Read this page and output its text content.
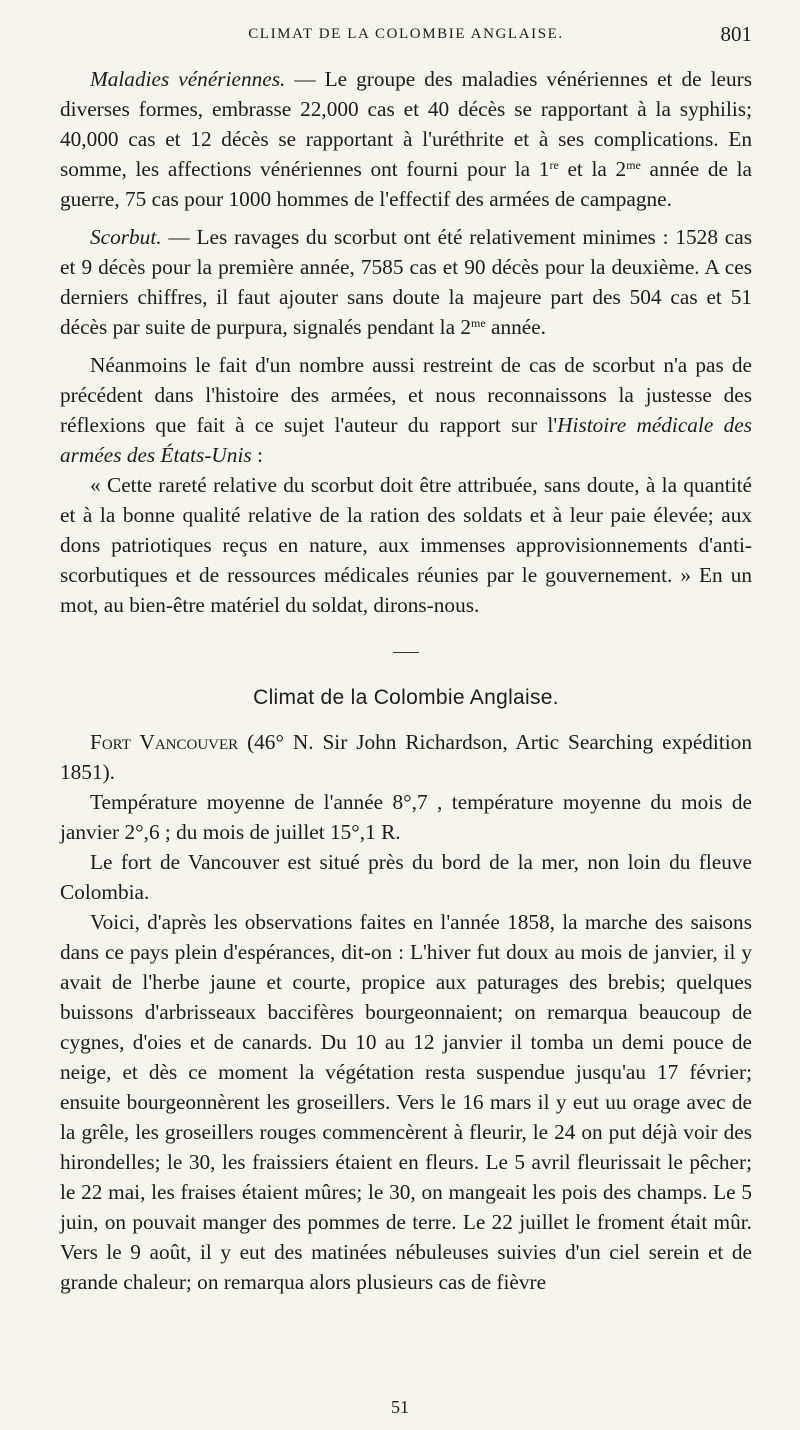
CLIMAT DE LA COLOMBIE ANGLAISE.	801

Maladies vénériennes. — Le groupe des maladies vénériennes et de leurs diverses formes, embrasse 22,000 cas et 40 décès se rapportant à la syphilis; 40,000 cas et 12 décès se rapportant à l'uréthrite et à ses complications. En somme, les affections vénériennes ont fourni pour la 1re et la $2^{me}$ année de la guerre, 75 cas pour 1000 hommes de l'effectif des armées de campagne.

Scorbut. — Les ravages du scorbut ont été relativement minimes : 1528 cas et 9 décès pour la première année, 7585 cas et 90 décès pour la deuxième. A ces derniers chiffres, il faut ajouter sans doute la majeure part des 504 cas et 51 décès par suite de purpura, signalés pendant la $2^{me}$ année.

Néanmoins le fait d'un nombre aussi restreint de cas de scorbut n'a pas de précédent dans l'histoire des armées, et nous reconnaissons la justesse des réflexions que fait à ce sujet l'auteur du rapport sur l'Histoire médicale des armées des États-Unis :

« Cette rareté relative du scorbut doit être attribuée, sans doute, à la quantité et à la bonne qualité relative de la ration des soldats et à leur paie élevée; aux dons patriotiques reçus en nature, aux immenses approvisionnements d'anti-scorbutiques et de ressources médicales réunies par le gouvernement. » En un mot, au bien-être matériel du soldat, dirons-nous.

Climat de la Colombie Anglaise.

Fort Vancouver (46° N. Sir John Richardson, Artic Searching expédition 1851).

Température moyenne de l'année 8°,7 , température moyenne du mois de janvier 2°,6 ; du mois de juillet 15°,1 R.

Le fort de Vancouver est situé près du bord de la mer, non loin du fleuve Colombia.

Voici, d'après les observations faites en l'année 1858, la marche des saisons dans ce pays plein d'espérances, dit-on : L'hiver fut doux au mois de janvier, il y avait de l'herbe jaune et courte, propice aux paturages des brebis; quelques buissons d'arbrisseaux baccifères bourgeonnaient; on remarqua beaucoup de cygnes, d'oies et de canards. Du 10 au 12 janvier il tomba un demi pouce de neige, et dès ce moment la végétation resta suspendue jusqu'au 17 février; ensuite bourgeonnèrent les groseillers. Vers le 16 mars il y eut uu orage avec de la grêle, les groseillers rouges commencèrent à fleurir, le 24 on put déjà voir des hirondelles; le 30, les fraissiers étaient en fleurs. Le 5 avril fleurissait le pêcher; le 22 mai, les fraises étaient mûres; le 30, on mangeait les pois des champs. Le 5 juin, on pouvait manger des pommes de terre. Le 22 juillet le froment était mûr. Vers le 9 août, il y eut des matinées nébuleuses suivies d'un ciel serein et de grande chaleur; on remarqua alors plusieurs cas de fièvre

51
